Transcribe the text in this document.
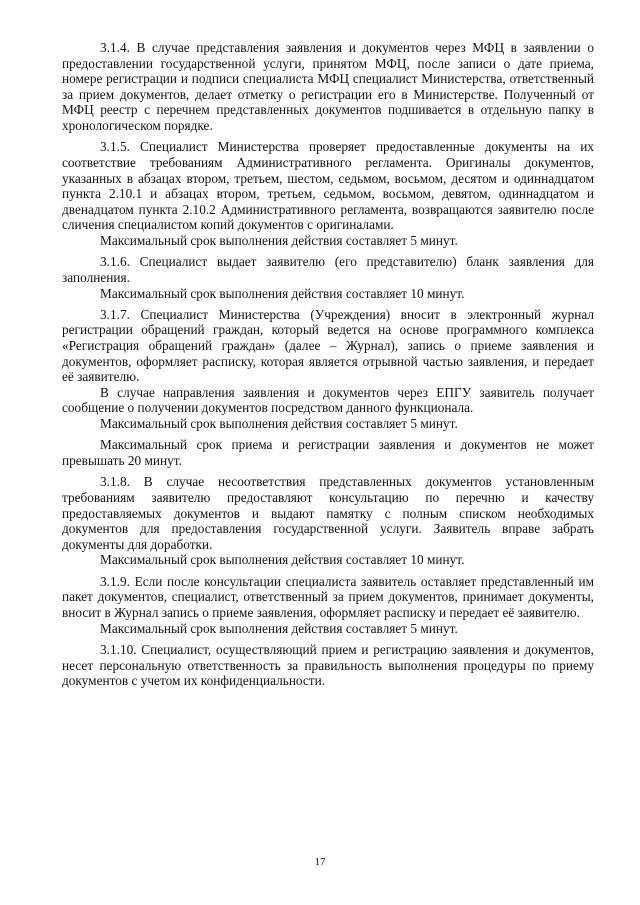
3.1.4. В случае представления заявления и документов через МФЦ в заявлении о предоставлении государственной услуги, принятом МФЦ, после записи о дате приема, номере регистрации и подписи специалиста МФЦ специалист Министерства, ответственный за прием документов, делает отметку о регистрации его в Министерстве. Полученный от МФЦ реестр с перечнем представленных документов подшивается в отдельную папку в хронологическом порядке.

3.1.5. Специалист Министерства проверяет предоставленные документы на их соответствие требованиям Административного регламента. Оригиналы документов, указанных в абзацах втором, третьем, шестом, седьмом, восьмом, десятом и одиннадцатом пункта 2.10.1 и абзацах втором, третьем, седьмом, восьмом, девятом, одиннадцатом и двенадцатом пункта 2.10.2 Административного регламента, возвращаются заявителю после сличения специалистом копий документов с оригиналами.

Максимальный срок выполнения действия составляет 5 минут.

3.1.6. Специалист выдает заявителю (его представителю) бланк заявления для заполнения.

Максимальный срок выполнения действия составляет 10 минут.

3.1.7. Специалист Министерства (Учреждения) вносит в электронный журнал регистрации обращений граждан, который ведется на основе программного комплекса «Регистрация обращений граждан» (далее – Журнал), запись о приеме заявления и документов, оформляет расписку, которая является отрывной частью заявления, и передает её заявителю.

В случае направления заявления и документов через ЕПГУ заявитель получает сообщение о получении документов посредством данного функционала.

Максимальный срок выполнения действия составляет 5 минут.

Максимальный срок приема и регистрации заявления и документов не может превышать 20 минут.

3.1.8. В случае несоответствия представленных документов установленным требованиям заявителю предоставляют консультацию по перечню и качеству предоставляемых документов и выдают памятку с полным списком необходимых документов для предоставления государственной услуги. Заявитель вправе забрать документы для доработки.

Максимальный срок выполнения действия составляет 10 минут.

3.1.9. Если после консультации специалиста заявитель оставляет представленный им пакет документов, специалист, ответственный за прием документов, принимает документы, вносит в Журнал запись о приеме заявления, оформляет расписку и передает её заявителю.

Максимальный срок выполнения действия составляет 5 минут.

3.1.10. Специалист, осуществляющий прием и регистрацию заявления и документов, несет персональную ответственность за правильность выполнения процедуры по приему документов с учетом их конфиденциальности.

17
